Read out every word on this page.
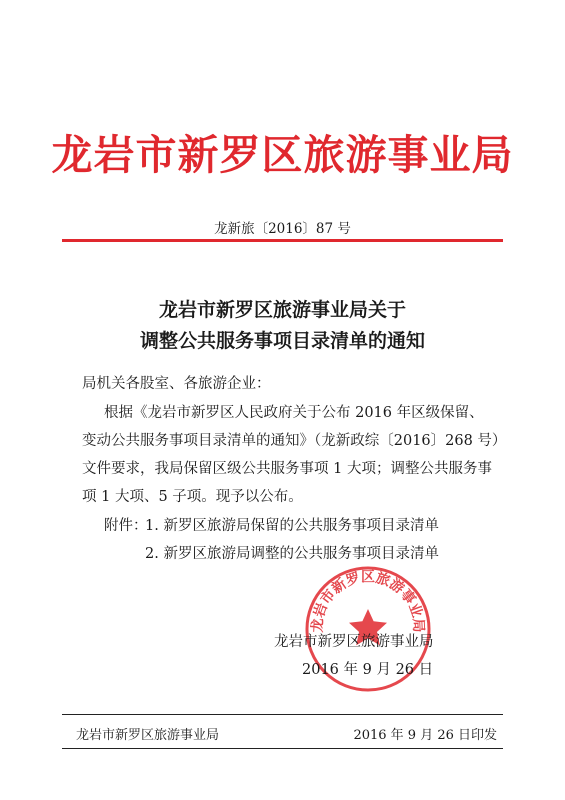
龙岩市新罗区旅游事业局
龙新旅〔2016〕87 号
龙岩市新罗区旅游事业局关于
调整公共服务事项目录清单的通知
局机关各股室、各旅游企业：
根据《龙岩市新罗区人民政府关于公布 2016 年区级保留、
变动公共服务事项目录清单的通知》（龙新政综〔2016〕268 号）
文件要求，我局保留区级公共服务事项 1 大项；调整公共服务事
项 1 大项、5 子项。现予以公布。
附件：
1. 新罗区旅游局保留的公共服务事项目录清单
2. 新罗区旅游局调整的公共服务事项目录清单
龙岩市新罗区旅游事业局
龙岩市新罗区旅游事业局
2016 年 9 月 26 日
龙岩市新罗区旅游事业局	2016 年 9 月 26 日印发
